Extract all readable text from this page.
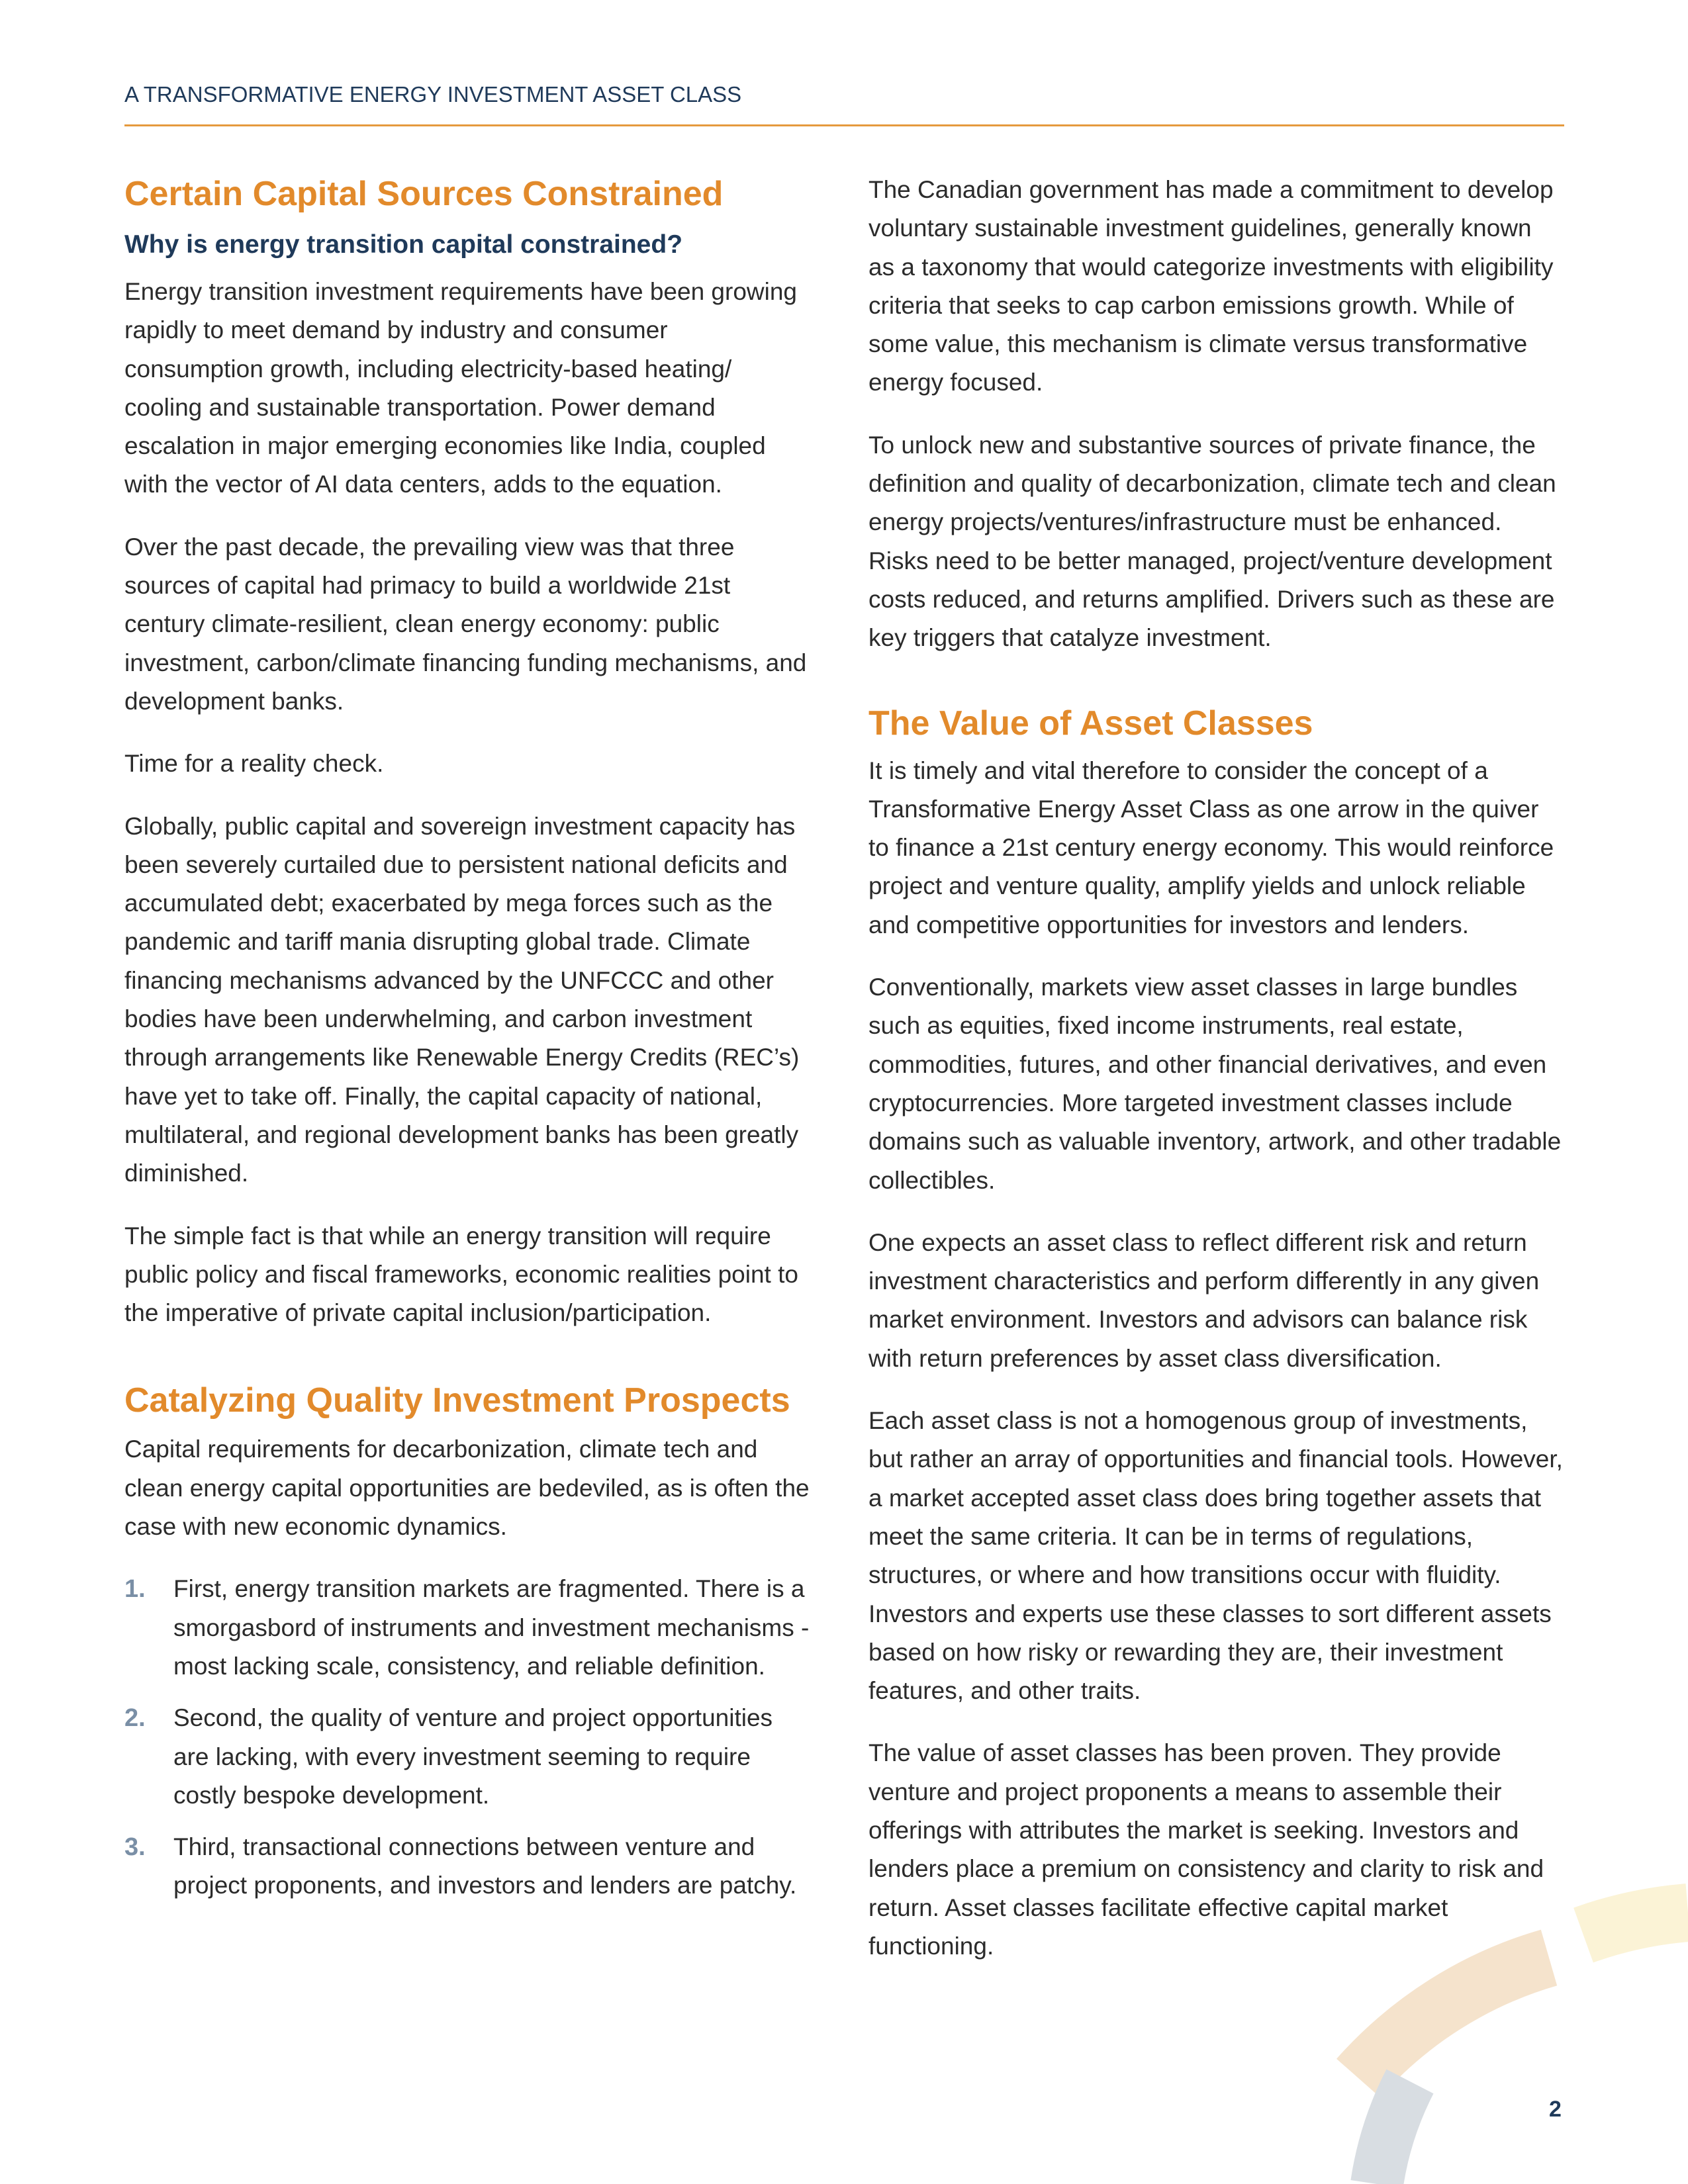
A TRANSFORMATIVE ENERGY INVESTMENT ASSET CLASS
Certain Capital Sources Constrained
Why is energy transition capital constrained?

Energy transition investment requirements have been growing rapidly to meet demand by industry and consumer consumption growth, including electricity-based heating/ cooling and sustainable transportation. Power demand escalation in major emerging economies like India, coupled with the vector of AI data centers, adds to the equation.

Over the past decade, the prevailing view was that three sources of capital had primacy to build a worldwide 21st century climate-resilient, clean energy economy: public investment, carbon/climate financing funding mechanisms, and development banks.

Time for a reality check.

Globally, public capital and sovereign investment capacity has been severely curtailed due to persistent national deficits and accumulated debt; exacerbated by mega forces such as the pandemic and tariff mania disrupting global trade. Climate financing mechanisms advanced by the UNFCCC and other bodies have been underwhelming, and carbon investment through arrangements like Renewable Energy Credits (REC’s) have yet to take off. Finally, the capital capacity of national, multilateral, and regional development banks has been greatly diminished.

The simple fact is that while an energy transition will require public policy and fiscal frameworks, economic realities point to the imperative of private capital inclusion/participation.

Catalyzing Quality Investment Prospects

Capital requirements for decarbonization, climate tech and clean energy capital opportunities are bedeviled, as is often the case with new economic dynamics.

1. First, energy transition markets are fragmented. There is a smorgasbord of instruments and investment mechanisms - most lacking scale, consistency, and reliable definition.

2. Second, the quality of venture and project opportunities are lacking, with every investment seeming to require costly bespoke development.

3. Third, transactional connections between venture and project proponents, and investors and lenders are patchy.

The Canadian government has made a commitment to develop voluntary sustainable investment guidelines, generally known as a taxonomy that would categorize investments with eligibility criteria that seeks to cap carbon emissions growth. While of some value, this mechanism is climate versus transformative energy focused.

To unlock new and substantive sources of private finance, the definition and quality of decarbonization, climate tech and clean energy projects/ventures/infrastructure must be enhanced. Risks need to be better managed, project/venture development costs reduced, and returns amplified. Drivers such as these are key triggers that catalyze investment.

The Value of Asset Classes

It is timely and vital therefore to consider the concept of a Transformative Energy Asset Class as one arrow in the quiver to finance a 21st century energy economy. This would reinforce project and venture quality, amplify yields and unlock reliable and competitive opportunities for investors and lenders.

Conventionally, markets view asset classes in large bundles such as equities, fixed income instruments, real estate, commodities, futures, and other financial derivatives, and even cryptocurrencies. More targeted investment classes include domains such as valuable inventory, artwork, and other tradable collectibles.

One expects an asset class to reflect different risk and return investment characteristics and perform differently in any given market environment. Investors and advisors can balance risk with return preferences by asset class diversification.

Each asset class is not a homogenous group of investments, but rather an array of opportunities and financial tools. However, a market accepted asset class does bring together assets that meet the same criteria. It can be in terms of regulations, structures, or where and how transitions occur with fluidity. Investors and experts use these classes to sort different assets based on how risky or rewarding they are, their investment features, and other traits.

The value of asset classes has been proven. They provide venture and project proponents a means to assemble their offerings with attributes the market is seeking. Investors and lenders place a premium on consistency and clarity to risk and return. Asset classes facilitate effective capital market functioning.

2
